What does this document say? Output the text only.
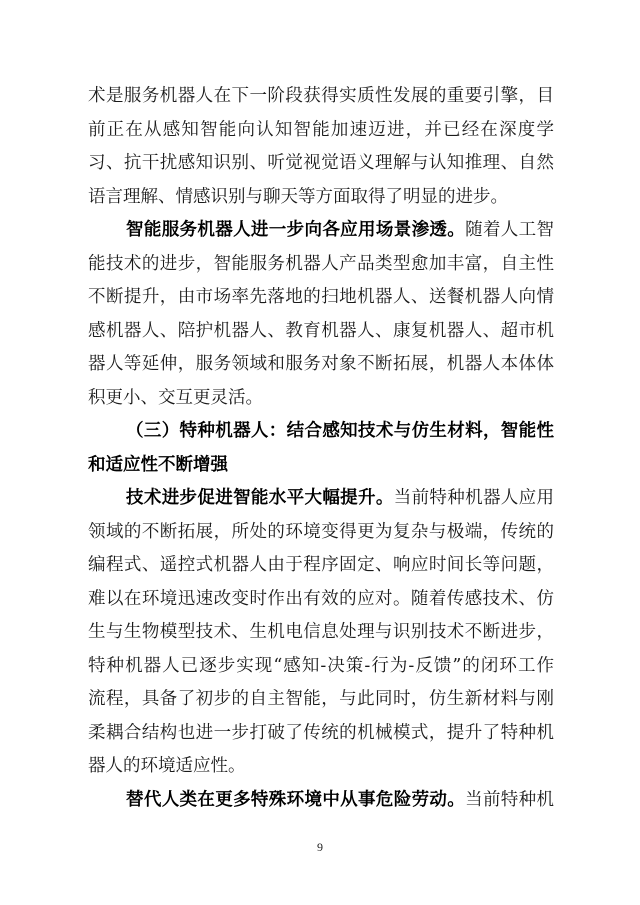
术是服务机器人在下一阶段获得实质性发展的重要引擎，目
前正在从感知智能向认知智能加速迈进，并已经在深度学
习、抗干扰感知识别、听觉视觉语义理解与认知推理、自然
语言理解、情感识别与聊天等方面取得了明显的进步。
智能服务机器人进一步向各应用场景渗透。随着人工智
能技术的进步，智能服务机器人产品类型愈加丰富，自主性
不断提升，由市场率先落地的扫地机器人、送餐机器人向情
感机器人、陪护机器人、教育机器人、康复机器人、超市机
器人等延伸，服务领域和服务对象不断拓展，机器人本体体
积更小、交互更灵活。
（三）特种机器人：结合感知技术与仿生材料，智能性
和适应性不断增强
技术进步促进智能水平大幅提升。当前特种机器人应用
领域的不断拓展，所处的环境变得更为复杂与极端，传统的
编程式、遥控式机器人由于程序固定、响应时间长等问题，
难以在环境迅速改变时作出有效的应对。随着传感技术、仿
生与生物模型技术、生机电信息处理与识别技术不断进步，
特种机器人已逐步实现“感知-决策-行为-反馈”的闭环工作
流程，具备了初步的自主智能，与此同时，仿生新材料与刚
柔耦合结构也进一步打破了传统的机械模式，提升了特种机
器人的环境适应性。
替代人类在更多特殊环境中从事危险劳动。当前特种机
9
